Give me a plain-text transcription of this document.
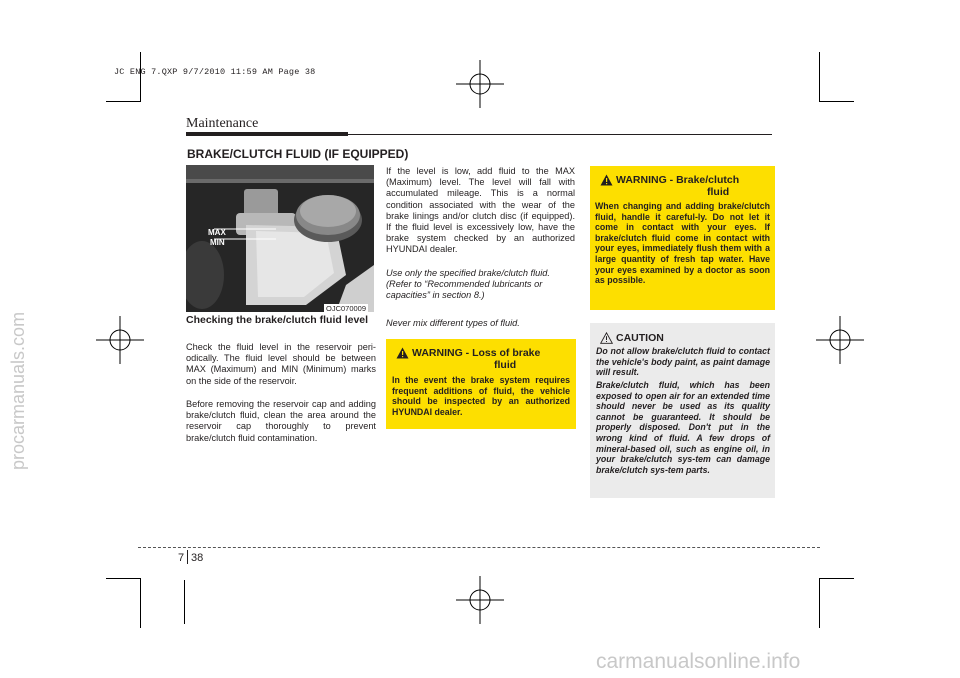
JC ENG 7.QXP 9/7/2010 11:59 AM Page 38
Maintenance
BRAKE/CLUTCH FLUID (IF EQUIPPED)
MAX
MIN
OJC070009
Checking the brake/clutch fluid level
Check the fluid level in the reservoir peri-odically. The fluid level should be between MAX (Maximum) and MIN (Minimum) marks on the side of the reservoir.
Before removing the reservoir cap and adding brake/clutch fluid, clean the area around the reservoir cap thoroughly to prevent brake/clutch fluid contamination.
If the level is low, add fluid to the MAX (Maximum) level. The level will fall with accumulated mileage. This is a normal condition associated with the wear of the brake linings and/or clutch disc (if equipped). If the fluid level is excessively low, have the brake system checked by an authorized HYUNDAI dealer.
Use only the specified brake/clutch fluid. (Refer to “Recommended lubricants or capacities” in section 8.)
Never mix different types of fluid.
WARNING - Loss of brake
fluid
In the event the brake system requires frequent additions of fluid, the vehicle should be inspected by an authorized HYUNDAI dealer.
WARNING - Brake/clutch
fluid
When changing and adding brake/clutch fluid, handle it careful-ly. Do not let it come in contact with your eyes. If brake/clutch fluid come in contact with your eyes, immediately flush them with a large quantity of fresh tap water. Have your eyes examined by a doctor as soon as possible.
CAUTION
Do not allow brake/clutch fluid to contact the vehicle's body paint, as paint damage will result.
Brake/clutch fluid, which has been exposed to open air for an extended time should never be used as its quality cannot be guaranteed. It should be properly disposed. Don't put in the wrong kind of fluid. A few drops of mineral-based oil, such as engine oil, in your brake/clutch sys-tem can damage brake/clutch sys-tem parts.
7 38
procarmanuals.com
carmanualsonline.info
